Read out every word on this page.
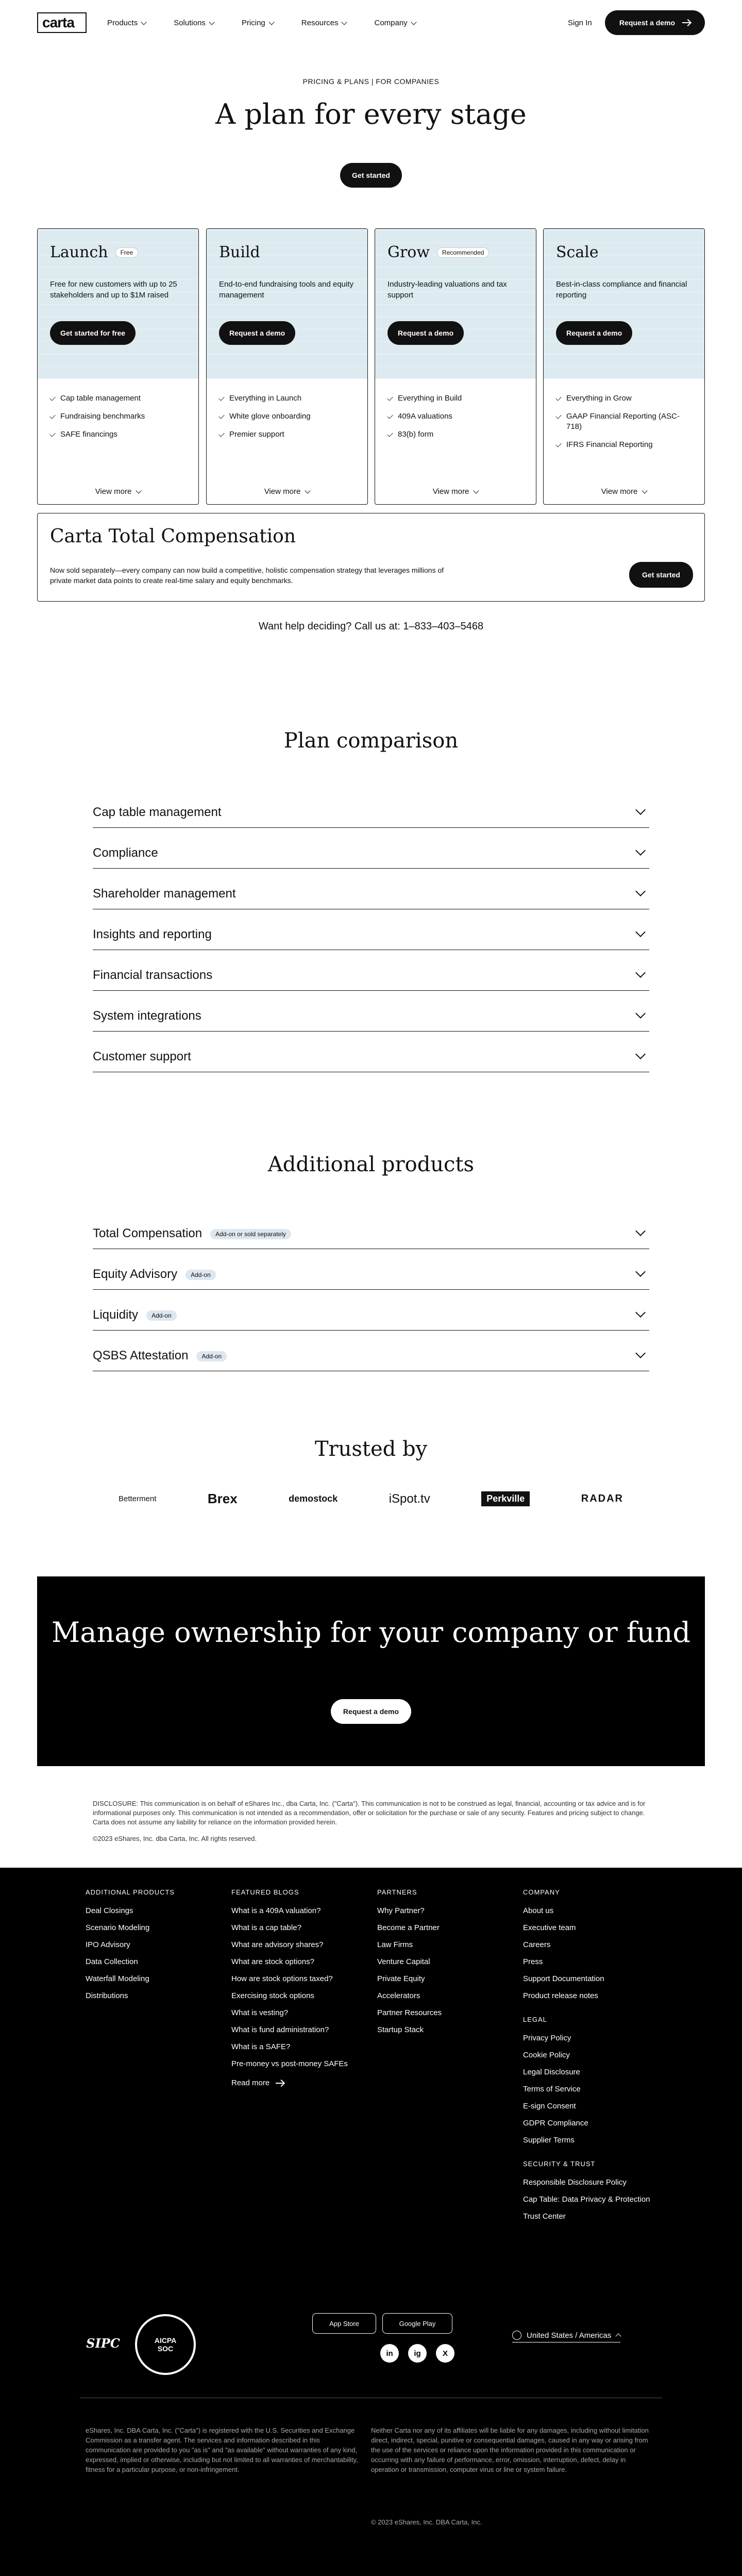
carta	Products	Solutions	Pricing	Resources	Company	Sign In	Request a demo
PRICING & PLANS | FOR COMPANIES
A plan for every stage
Get started
Launch	Free

Free for new customers with up to 25 stakeholders and up to $1M raised

Get started for free
Cap table management
Fundraising benchmarks
SAFE financings
View more
Build

End-to-end fundraising tools and equity management

Request a demo
Everything in Launch
White glove onboarding
Premier support
View more
Grow	Recommended

Industry-leading valuations and tax support

Request a demo
Everything in Build
409A valuations
83(b) form
View more
Scale

Best-in-class compliance and financial reporting

Request a demo
Everything in Grow
GAAP Financial Reporting (ASC-718)
IFRS Financial Reporting
View more
Carta Total Compensation

Now sold separately—every company can now build a competitive, holistic compensation strategy that leverages millions of private market data points to create real-time salary and equity benchmarks.

Get started
Want help deciding? Call us at: 1–833–403–5468
Plan comparison
Cap table management
Compliance
Shareholder management
Insights and reporting
Financial transactions
System integrations
Customer support
Additional products
Total Compensation Add-on or sold separately
Equity Advisory Add-on
Liquidity Add-on
QSBS Attestation Add-on
Trusted by
Betterment	Brex	demostock	iSpot.tv	Perkville	RADAR
Manage ownership for your company or fund
Request a demo
DISCLOSURE: This communication is on behalf of eShares Inc., dba Carta, Inc. ("Carta"). This communication is not to be construed as legal, financial, accounting or tax advice and is for informational purposes only. This communication is not intended as a recommendation, offer or solicitation for the purchase or sale of any security. Features and pricing subject to change. Carta does not assume any liability for reliance on the information provided herein.
©2023 eShares, Inc. dba Carta, Inc. All rights reserved.
ADDITIONAL PRODUCTS
Deal Closings
Scenario Modeling
IPO Advisory
Data Collection
Waterfall Modeling
Distributions
FEATURED BLOGS
What is a 409A valuation?
What is a cap table?
What are advisory shares?
What are stock options?
How are stock options taxed?
Exercising stock options
What is vesting?
What is fund administration?
What is a SAFE?
Pre-money vs post-money SAFEs
Read more
PARTNERS
Why Partner?
Become a Partner
Law Firms
Venture Capital
Private Equity
Accelerators
Partner Resources
Startup Stack
COMPANY
About us
Executive team
Careers
Press
Support Documentation
Product release notes
LEGAL
Privacy Policy
Cookie Policy
Legal Disclosure
Terms of Service
E-sign Consent
GDPR Compliance
Supplier Terms
SECURITY & TRUST
Responsible Disclosure Policy
Cap Table: Data Privacy & Protection
Trust Center
SIPC	AICPA SOC
App Store	Google Play
in	ig	X
United States / Americas
eShares, Inc. DBA Carta, Inc. ("Carta") is registered with the U.S. Securities and Exchange Commission as a transfer agent. The services and information described in this communication are provided to you "as is" and "as available" without warranties of any kind, expressed, implied or otherwise, including but not limited to all warranties of merchantability, fitness for a particular purpose, or non-infringement.
Neither Carta nor any of its affiliates will be liable for any damages, including without limitation direct, indirect, special, punitive or consequential damages, caused in any way or arising from the use of the services or reliance upon the information provided in this communication or occurring with any failure of performance, error, omission, interruption, defect, delay in operation or transmission, computer virus or line or system failure.
© 2023 eShares, Inc. DBA Carta, Inc.
